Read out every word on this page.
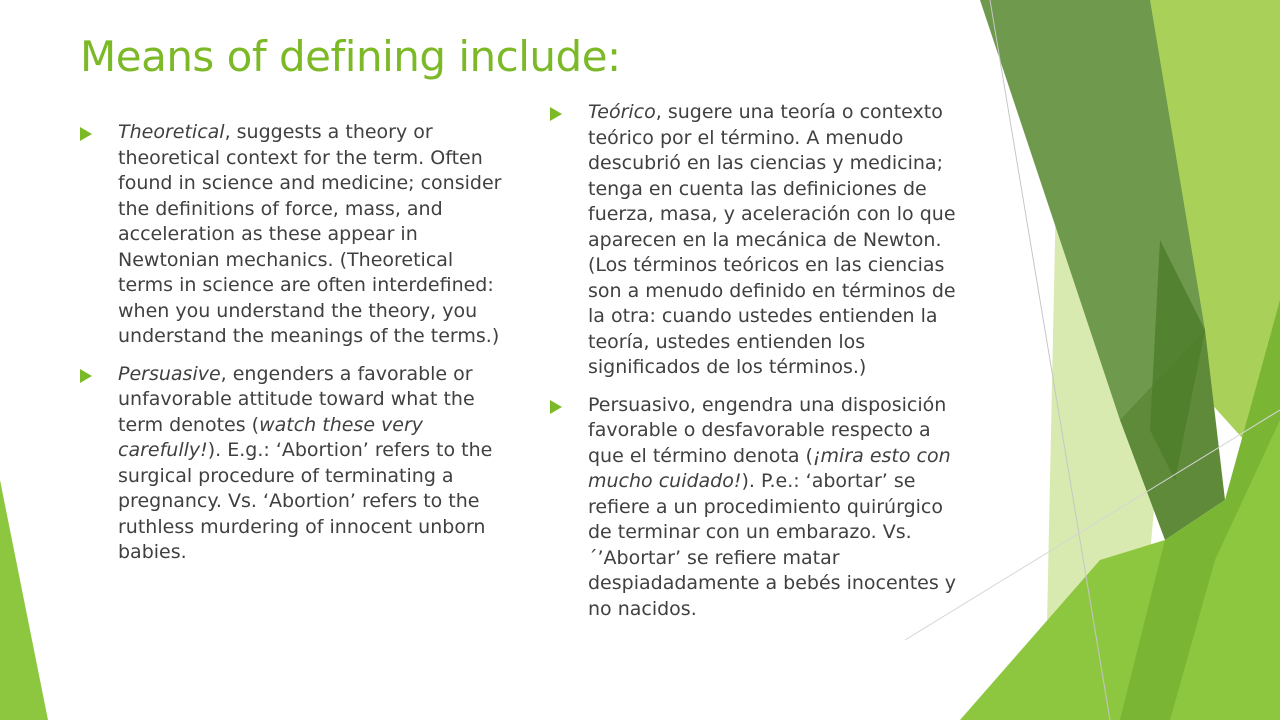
Means of defining include:
Theoretical, suggests a theory or theoretical context for the term. Often found in science and medicine; consider the definitions of force, mass, and acceleration as these appear in Newtonian mechanics. (Theoretical terms in science are often interdefined: when you understand the theory, you understand the meanings of the terms.)
Persuasive, engenders a favorable or unfavorable attitude toward what the term denotes (watch these very carefully!). E.g.: ‘Abortion’ refers to the surgical procedure of terminating a pregnancy. Vs. ‘Abortion’ refers to the ruthless murdering of innocent unborn babies.
Teórico, sugere una teoría o contexto teórico por el término. A menudo descubrió en las ciencias y medicina; tenga en cuenta las definiciones de fuerza, masa, y aceleración con lo que aparecen en la mecánica de Newton. (Los términos teóricos en las ciencias son a menudo definido en términos de la otra: cuando ustedes entienden la teoría, ustedes entienden los significados de los términos.)
Persuasivo, engendra una disposición favorable o desfavorable respecto a que el término denota (¡mira esto con mucho cuidado!). P.e.: ‘abortar’ se refiere a un procedimiento quirúrgico de terminar con un embarazo. Vs.´’Abortar’ se refiere matar despiadadamente a bebés inocentes y no nacidos.
